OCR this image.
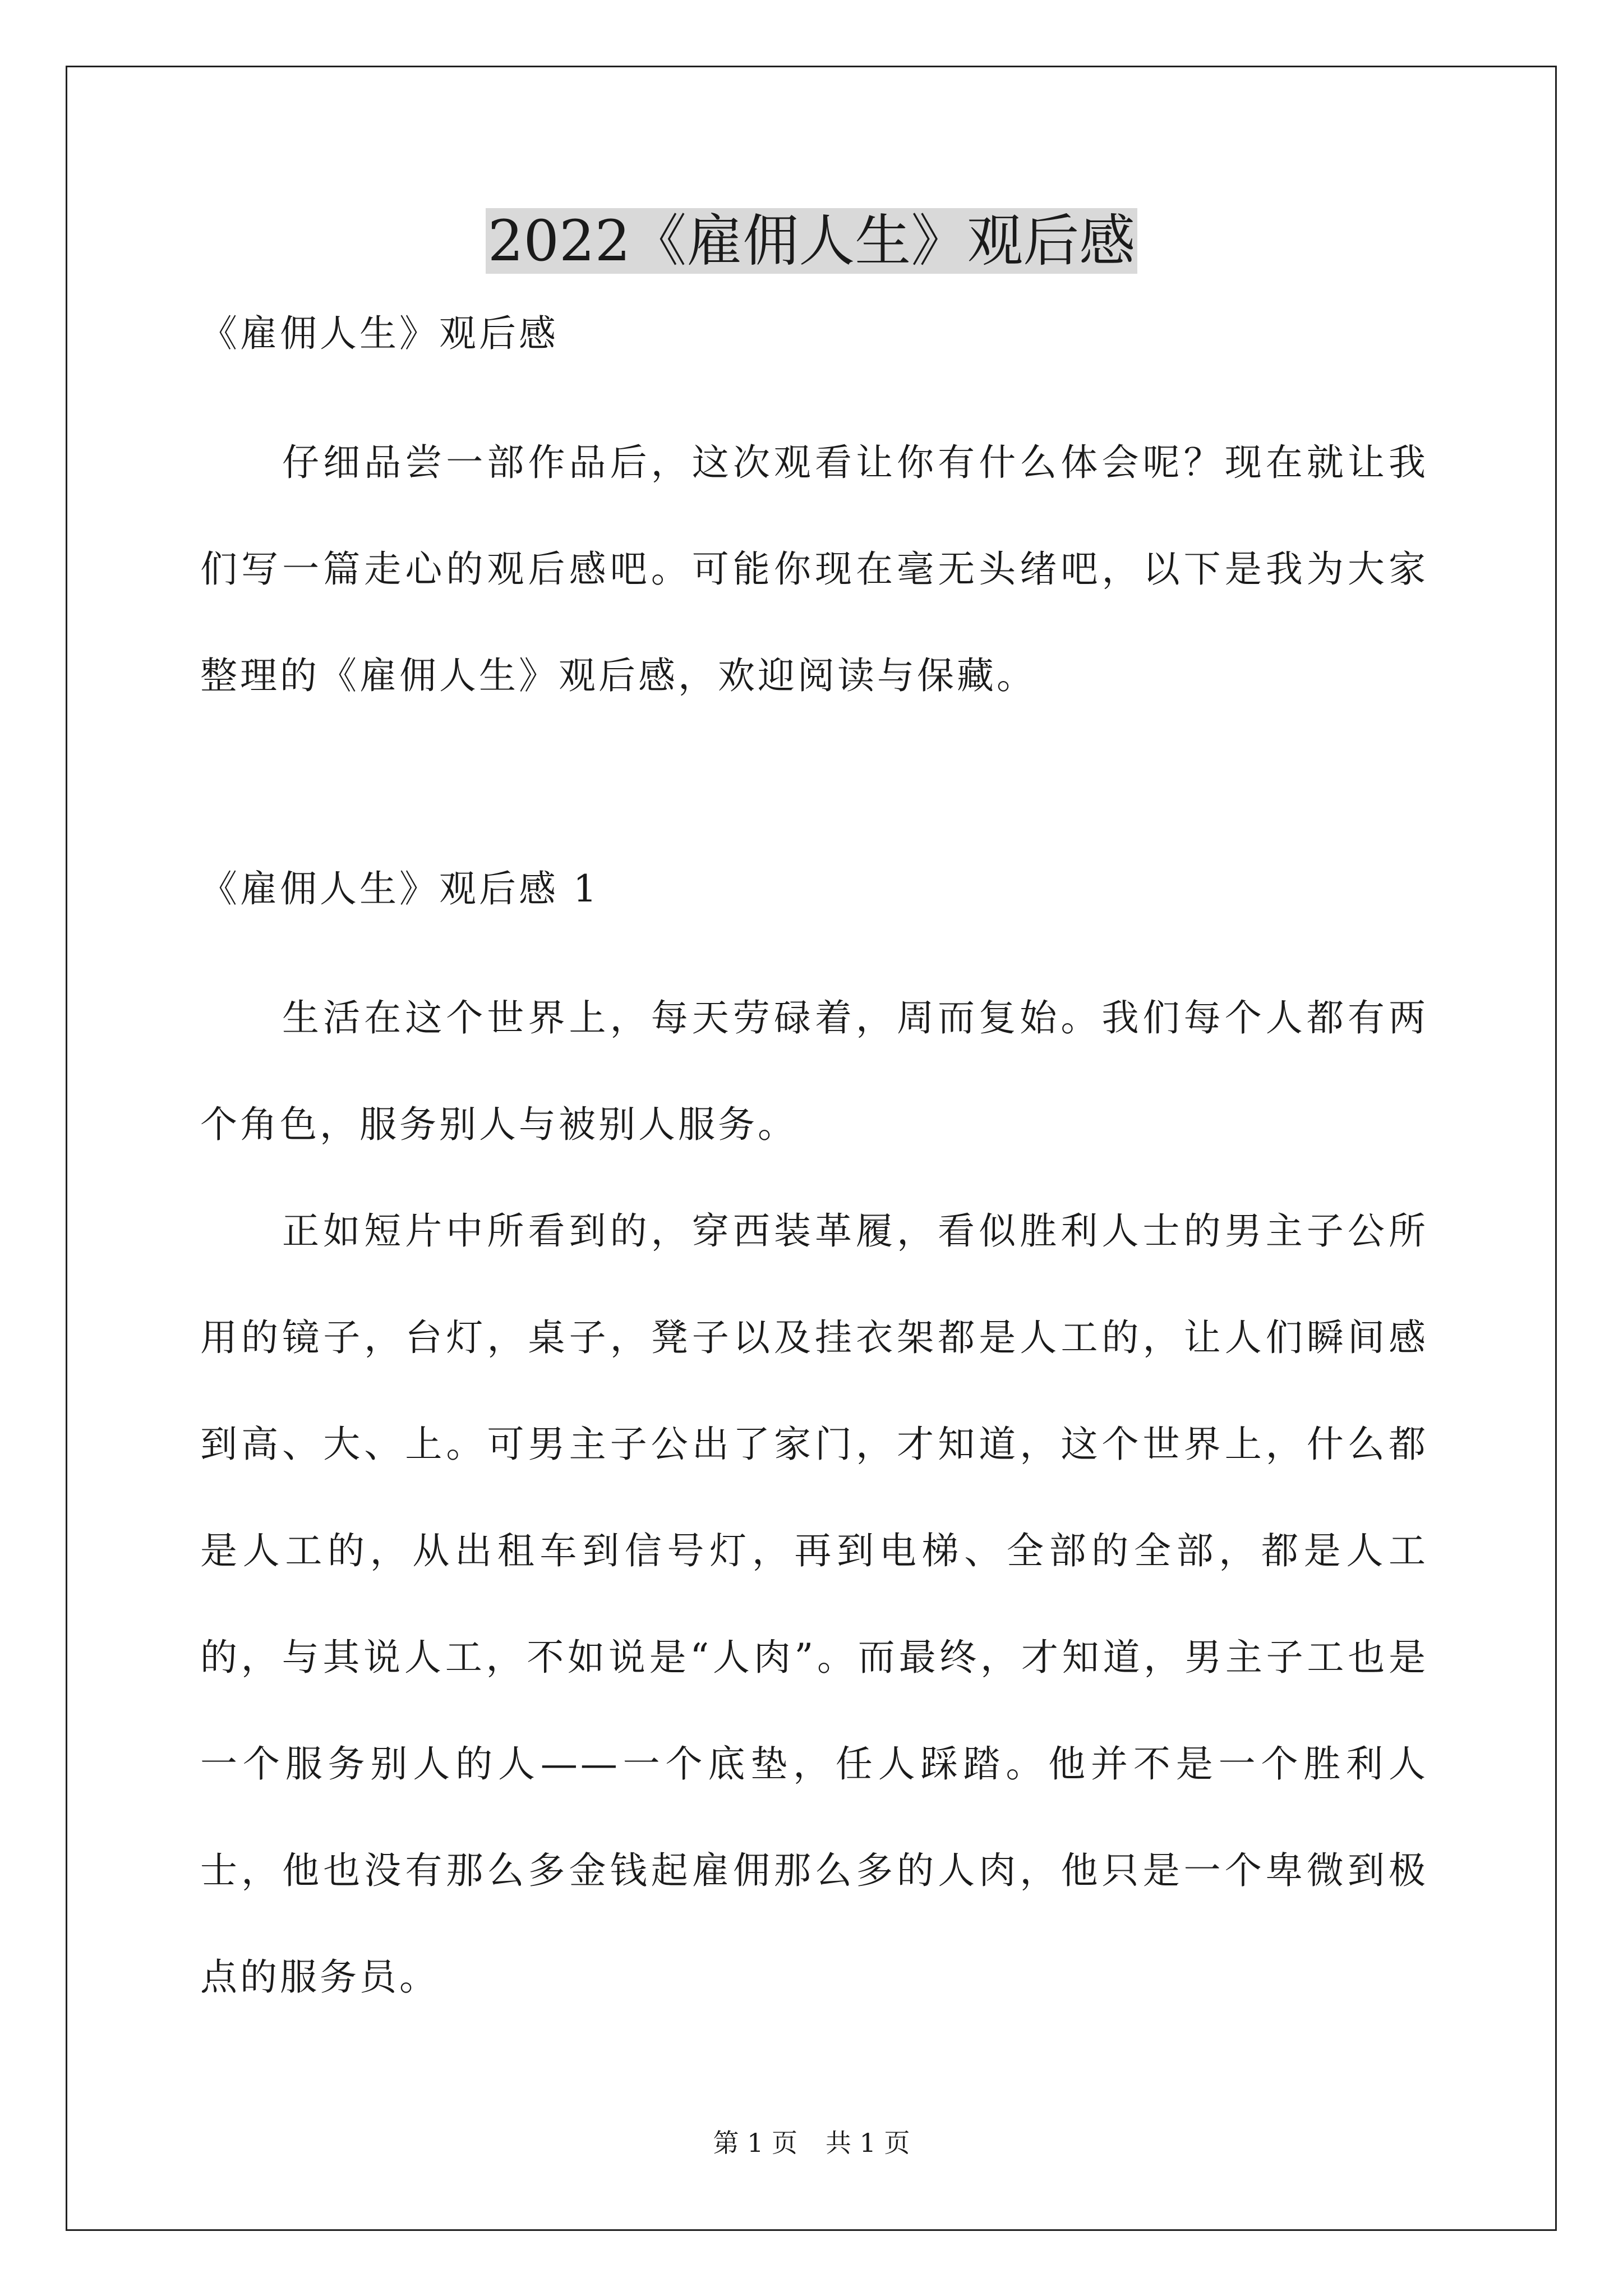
2022《雇佣人生》观后感

《雇佣人生》观后感

仔细品尝一部作品后，这次观看让你有什么体会呢？现在就让我们写一篇走心的观后感吧。可能你现在毫无头绪吧，以下是我为大家整理的《雇佣人生》观后感，欢迎阅读与保藏。

《雇佣人生》观后感 1

生活在这个世界上，每天劳碌着，周而复始。我们每个人都有两个角色，服务别人与被别人服务。

正如短片中所看到的，穿西装革履，看似胜利人士的男主子公所用的镜子，台灯，桌子，凳子以及挂衣架都是人工的，让人们瞬间感到高、大、上。可男主子公出了家门，才知道，这个世界上，什么都是人工的，从出租车到信号灯，再到电梯、全部的全部，都是人工的，与其说人工，不如说是“人肉”。而最终，才知道，男主子工也是一个服务别人的人——一个底垫，任人踩踏。他并不是一个胜利人士，他也没有那么多金钱起雇佣那么多的人肉，他只是一个卑微到极点的服务员。

第 1 页 共 1 页
